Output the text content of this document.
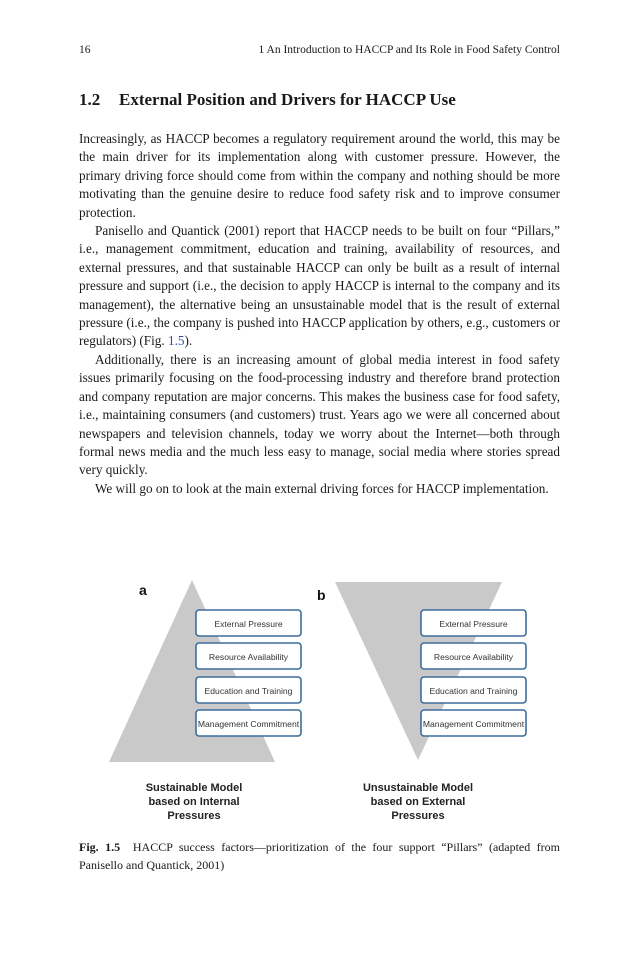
16	1 An Introduction to HACCP and Its Role in Food Safety Control
1.2 External Position and Drivers for HACCP Use

Increasingly, as HACCP becomes a regulatory requirement around the world, this may be the main driver for its implementation along with customer pressure. However, the primary driving force should come from within the company and nothing should be more motivating than the genuine desire to reduce food safety risk and to improve consumer protection.

Panisello and Quantick (2001) report that HACCP needs to be built on four “Pillars,” i.e., management commitment, education and training, availability of resources, and external pressures, and that sustainable HACCP can only be built as a result of internal pressure and support (i.e., the decision to apply HACCP is internal to the company and its management), the alternative being an unsustainable model that is the result of external pressure (i.e., the company is pushed into HACCP application by others, e.g., customers or regulators) (Fig. 1.5).

Additionally, there is an increasing amount of global media interest in food safety issues primarily focusing on the food-processing industry and therefore brand protection and company reputation are major concerns. This makes the business case for food safety, i.e., maintaining consumers (and customers) trust. Years ago we were all concerned about newspapers and television channels, today we worry about the Internet—both through formal news media and the much less easy to manage, social media where stories spread very quickly.

We will go on to look at the main external driving forces for HACCP implementation.

a
External Pressure
Resource Availability
Education and Training
Management Commitment
Sustainable Model
based on Internal
Pressures
b
External Pressure
Resource Availability
Education and Training
Management Commitment
Unsustainable Model
based on External
Pressures
Fig. 1.5 HACCP success factors—prioritization of the four support “Pillars” (adapted from Panisello and Quantick, 2001)
